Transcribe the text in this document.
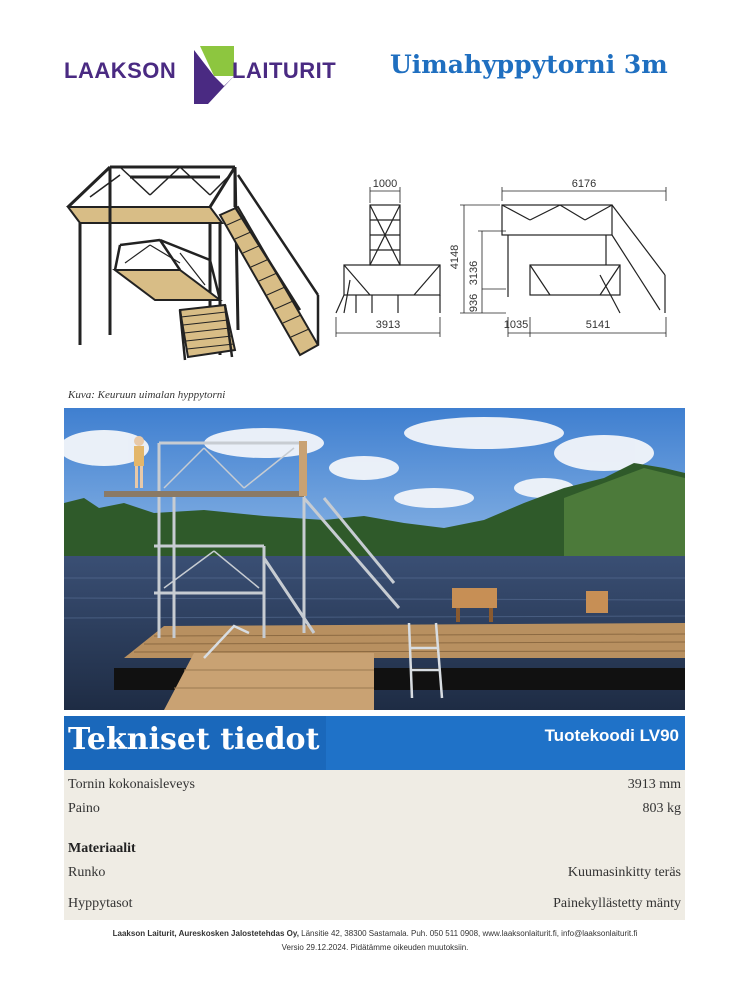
LAAKSON	LAITURIT Uimahyppytorni 3m
1000
3913
6176
4148
3136
936
1035	5141
Kuva: Keuruun uimalan hyppytorni
Tekniset tiedot	Tuotekoodi LV90
Tornin kokonaisleveys	3913 mm
Paino	803 kg
Materiaalit
Runko	Kuumasinkitty teräs
Hyppytasot	Painekyllästetty mänty
Laakson Laiturit, Aureskosken Jalostetehdas Oy, Länsitie 42, 38300 Sastamala. Puh. 050 511 0908, www.laaksonlaiturit.fi, info@laaksonlaiturit.fi
Versio 29.12.2024. Pidätämme oikeuden muutoksiin.
